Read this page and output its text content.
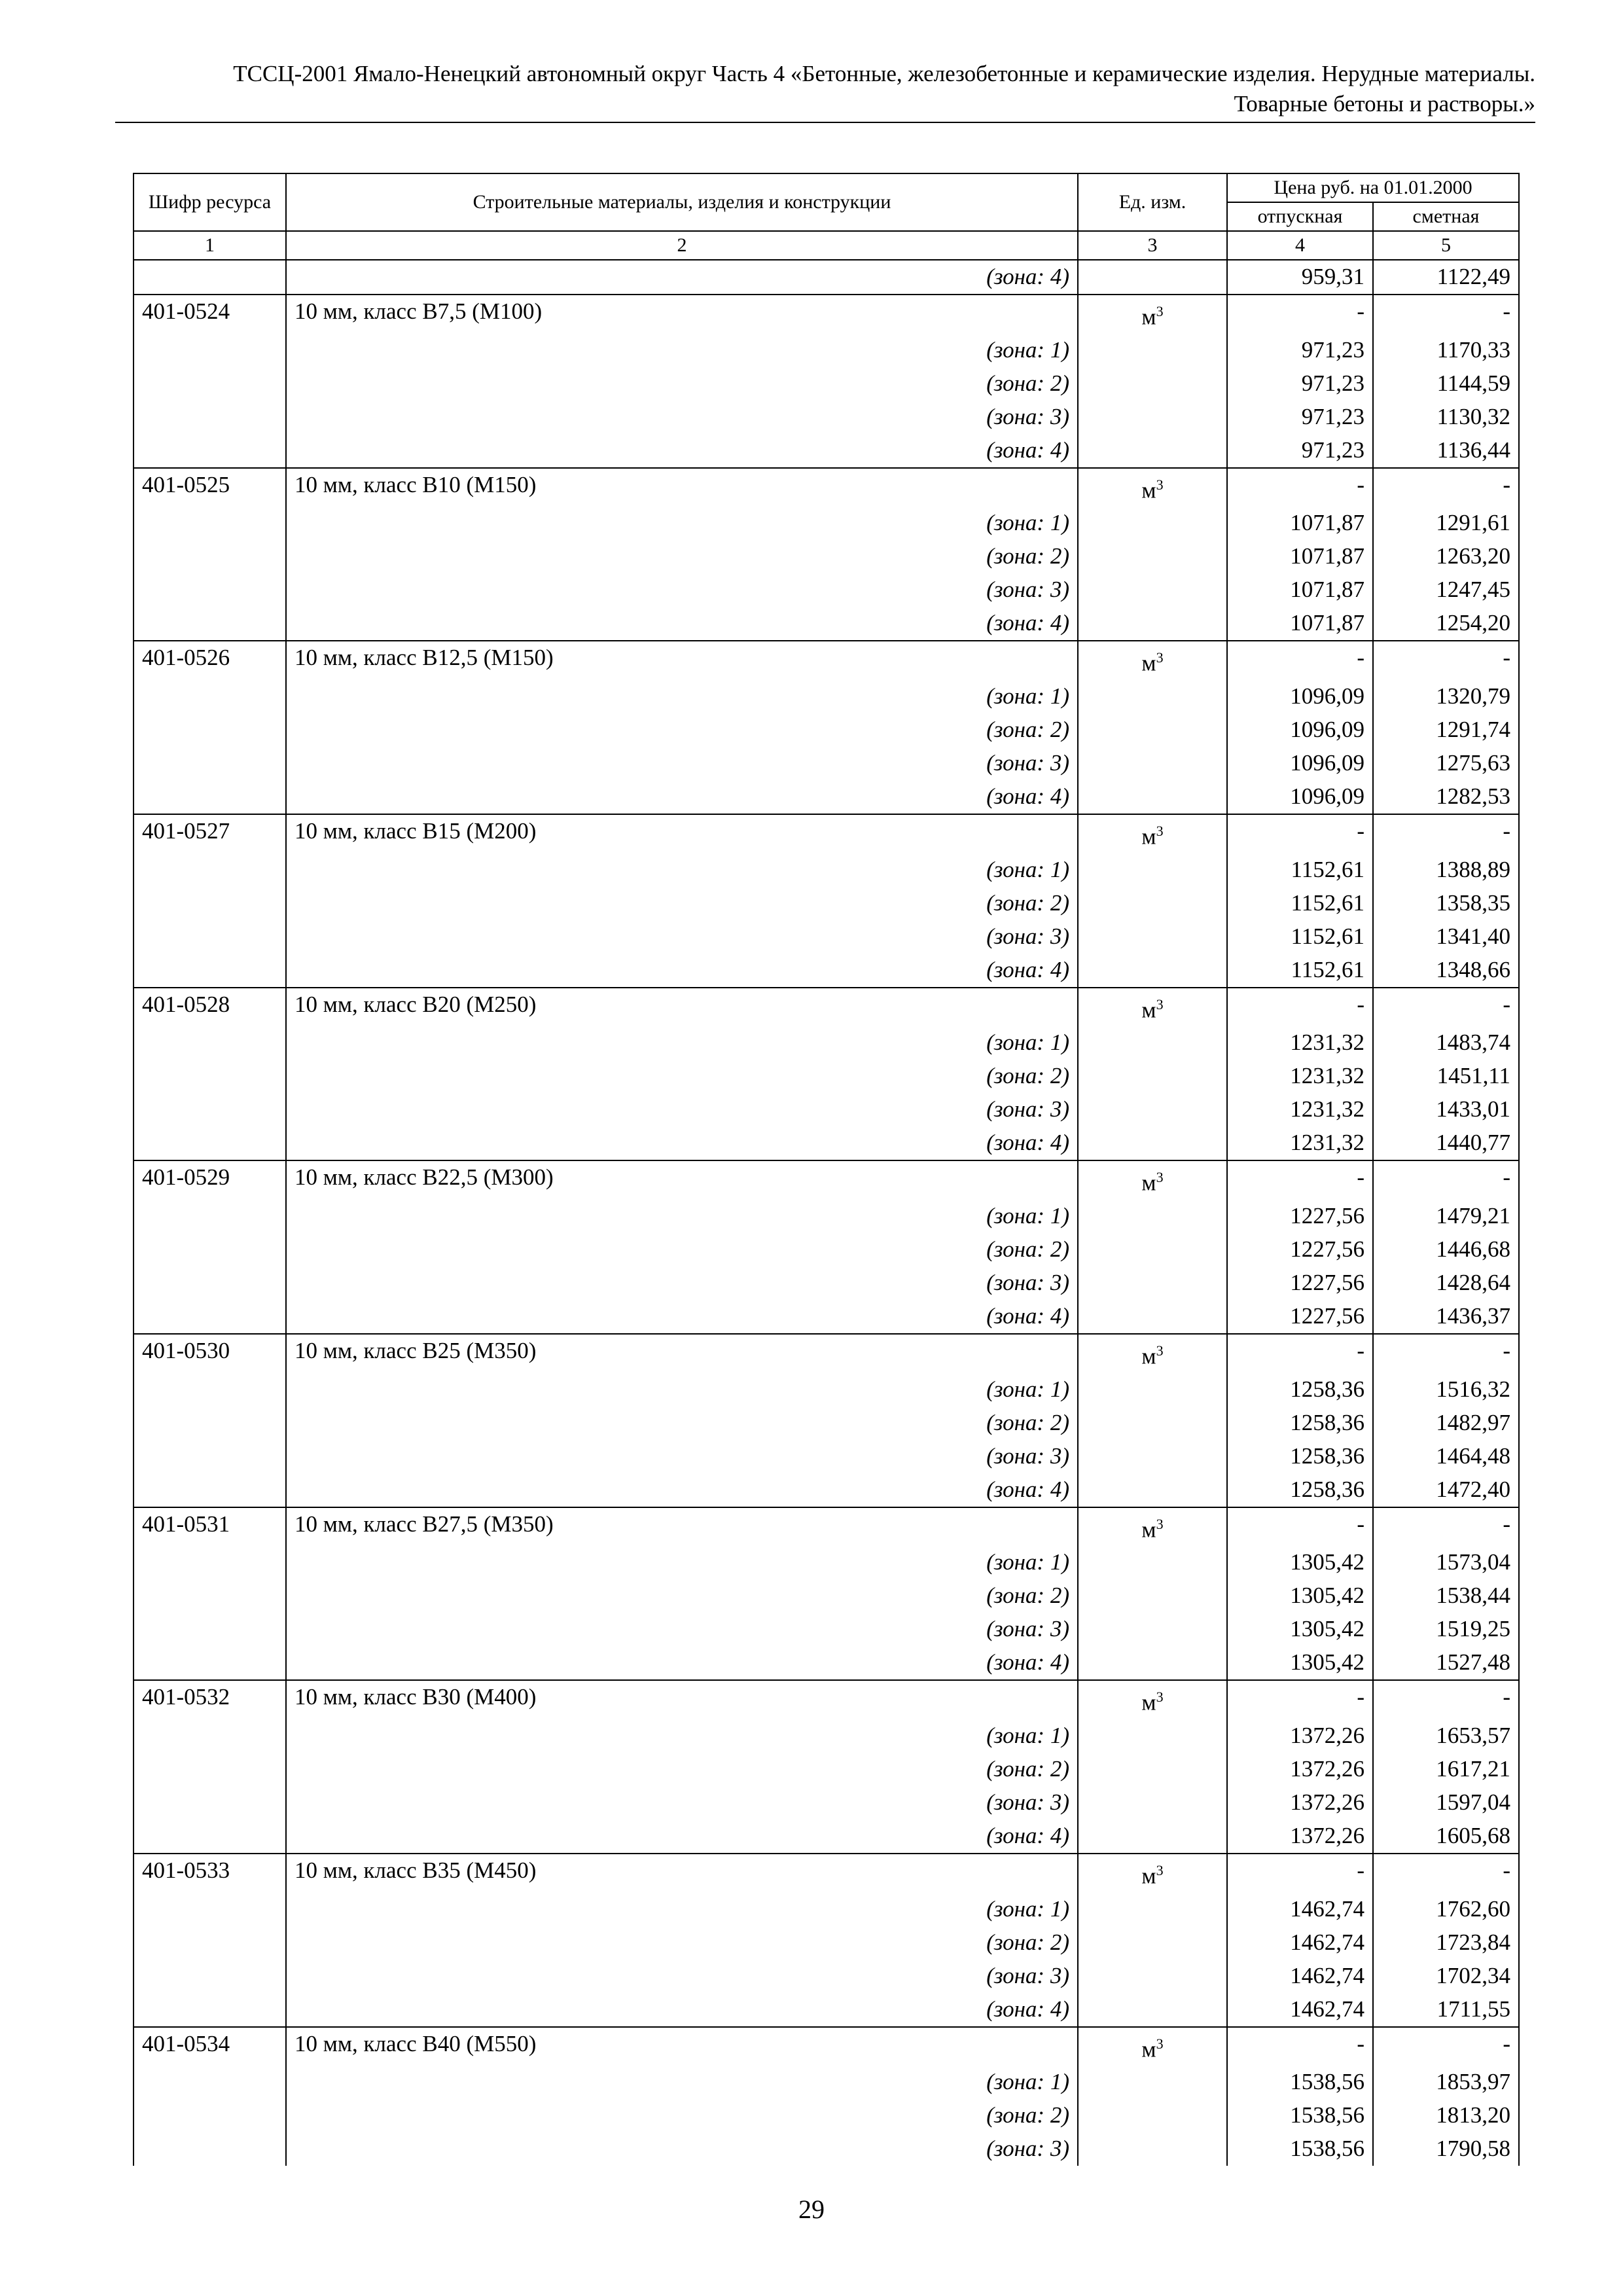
ТССЦ-2001 Ямало-Ненецкий автономный округ Часть 4 «Бетонные, железобетонные и керамические изделия. Нерудные материалы.
Товарные бетоны и растворы.»
Шифр ресурса	Строительные материалы, изделия и конструкции	Ед. изм.	Цена руб. на 01.01.2000	
			отпускная	сметная
1	2	3	4	5
	(зона: 4)		959,31	1122,49
401-0524	10 мм, класс В7,5 (М100)	$м^3$	-	-
	(зона: 1)		971,23	1170,33
	(зона: 2)		971,23	1144,59
	(зона: 3)		971,23	1130,32
	(зона: 4)		971,23	1136,44
401-0525	10 мм, класс В10 (М150)	$м^3$	-	-
	(зона: 1)		1071,87	1291,61
	(зона: 2)		1071,87	1263,20
	(зона: 3)		1071,87	1247,45
	(зона: 4)		1071,87	1254,20
401-0526	10 мм, класс В12,5 (М150)	$м^3$	-	-
	(зона: 1)		1096,09	1320,79
	(зона: 2)		1096,09	1291,74
	(зона: 3)		1096,09	1275,63
	(зона: 4)		1096,09	1282,53
401-0527	10 мм, класс В15 (М200)	$м^3$	-	-
	(зона: 1)		1152,61	1388,89
	(зона: 2)		1152,61	1358,35
	(зона: 3)		1152,61	1341,40
	(зона: 4)		1152,61	1348,66
401-0528	10 мм, класс В20 (М250)	$м^3$	-	-
	(зона: 1)		1231,32	1483,74
	(зона: 2)		1231,32	1451,11
	(зона: 3)		1231,32	1433,01
	(зона: 4)		1231,32	1440,77
401-0529	10 мм, класс В22,5 (М300)	$м^3$	-	-
	(зона: 1)		1227,56	1479,21
	(зона: 2)		1227,56	1446,68
	(зона: 3)		1227,56	1428,64
	(зона: 4)		1227,56	1436,37
401-0530	10 мм, класс В25 (М350)	$м^3$	-	-
	(зона: 1)		1258,36	1516,32
	(зона: 2)		1258,36	1482,97
	(зона: 3)		1258,36	1464,48
	(зона: 4)		1258,36	1472,40
401-0531	10 мм, класс В27,5 (М350)	$м^3$	-	-
	(зона: 1)		1305,42	1573,04
	(зона: 2)		1305,42	1538,44
	(зона: 3)		1305,42	1519,25
	(зона: 4)		1305,42	1527,48
401-0532	10 мм, класс В30 (М400)	$м^3$	-	-
	(зона: 1)		1372,26	1653,57
	(зона: 2)		1372,26	1617,21
	(зона: 3)		1372,26	1597,04
	(зона: 4)		1372,26	1605,68
401-0533	10 мм, класс В35 (М450)	$м^3$	-	-
	(зона: 1)		1462,74	1762,60
	(зона: 2)		1462,74	1723,84
	(зона: 3)		1462,74	1702,34
	(зона: 4)		1462,74	1711,55
401-0534	10 мм, класс В40 (М550)	$м^3$	-	-
	(зона: 1)		1538,56	1853,97
	(зона: 2)		1538,56	1813,20
	(зона: 3)		1538,56	1790,58
29
